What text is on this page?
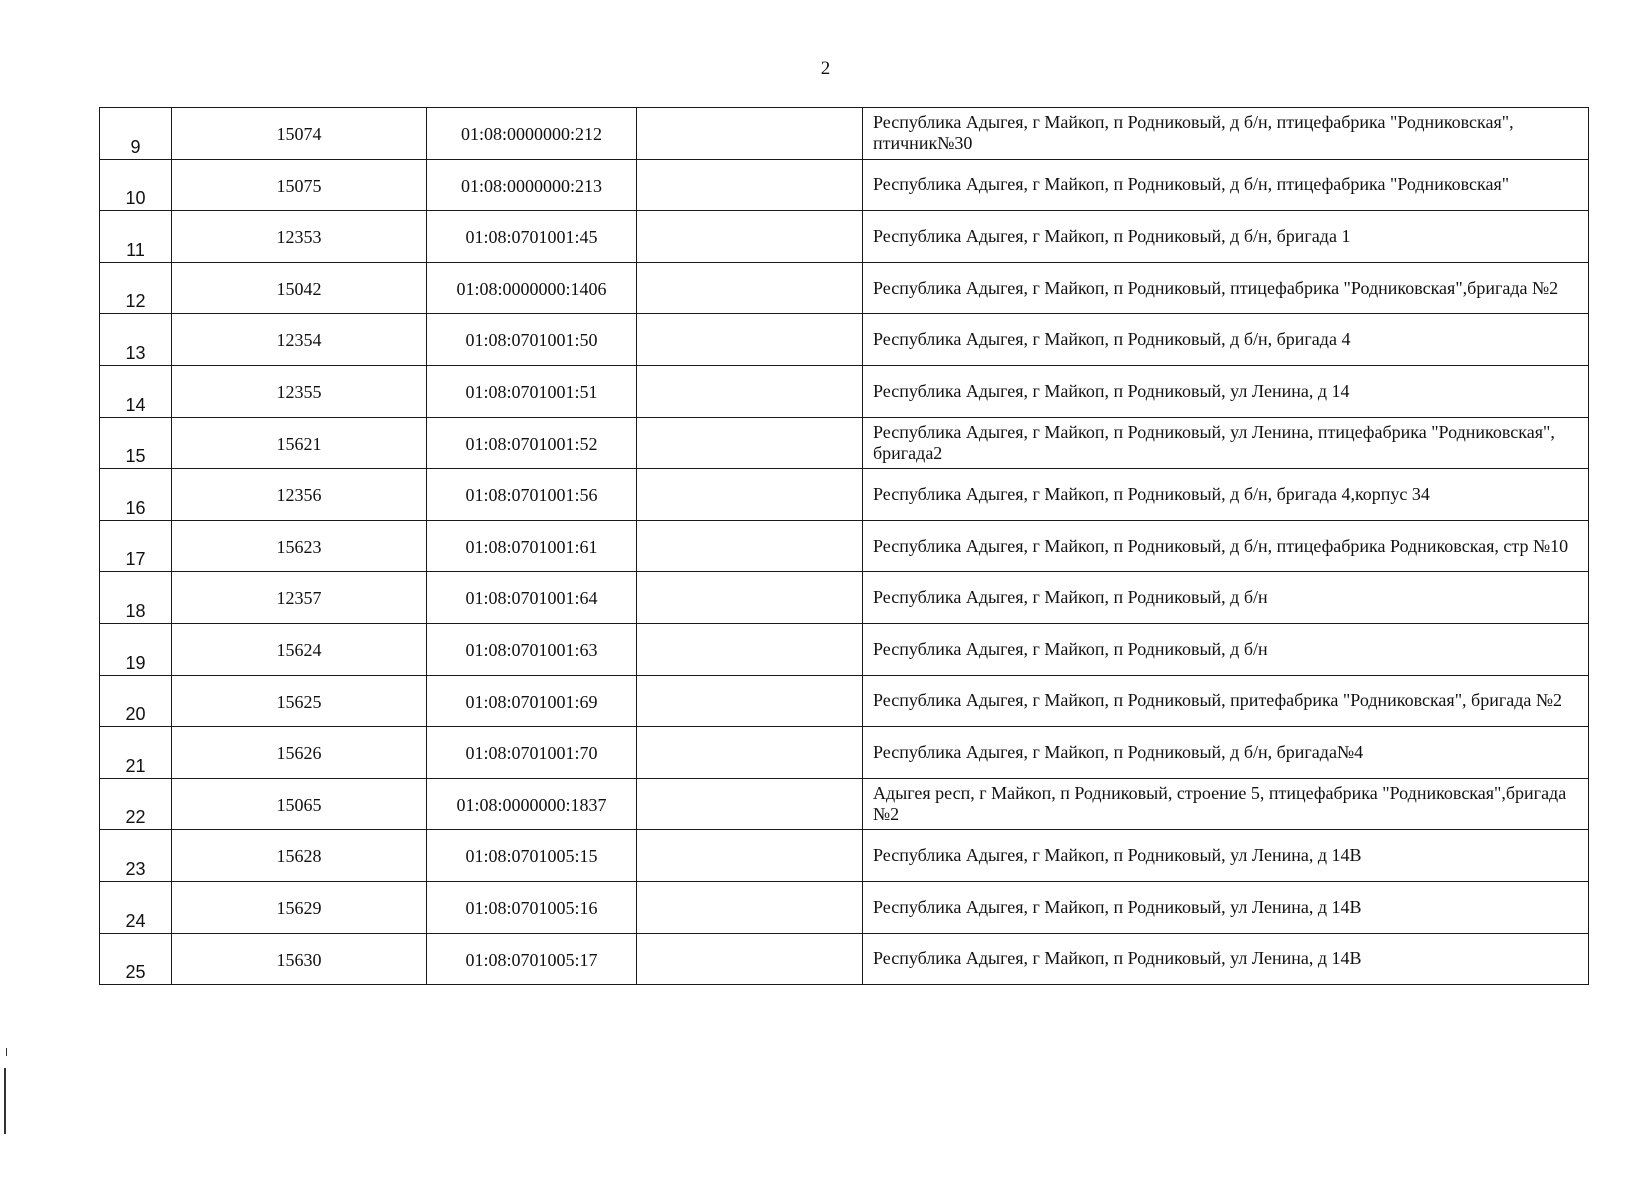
2
9	15074	01:08:0000000:212		Республика Адыгея, г Майкоп, п Родниковый, д б/н, птицефабрика "Родниковская", птичник№30
10	15075	01:08:0000000:213		Республика Адыгея, г Майкоп, п Родниковый, д б/н, птицефабрика "Родниковская"
11	12353	01:08:0701001:45		Республика Адыгея, г Майкоп, п Родниковый, д б/н, бригада 1
12	15042	01:08:0000000:1406		Республика Адыгея, г Майкоп, п Родниковый, птицефабрика "Родниковская",бригада №2
13	12354	01:08:0701001:50		Республика Адыгея, г Майкоп, п Родниковый, д б/н, бригада 4
14	12355	01:08:0701001:51		Республика Адыгея, г Майкоп, п Родниковый, ул Ленина, д 14
15	15621	01:08:0701001:52		Республика Адыгея, г Майкоп, п Родниковый, ул Ленина, птицефабрика "Родниковская", бригада2
16	12356	01:08:0701001:56		Республика Адыгея, г Майкоп, п Родниковый, д б/н, бригада 4,корпус 34
17	15623	01:08:0701001:61		Республика Адыгея, г Майкоп, п Родниковый, д б/н, птицефабрика Родниковская, стр №10
18	12357	01:08:0701001:64		Республика Адыгея, г Майкоп, п Родниковый, д б/н
19	15624	01:08:0701001:63		Республика Адыгея, г Майкоп, п Родниковый, д б/н
20	15625	01:08:0701001:69		Республика Адыгея, г Майкоп, п Родниковый, притефабрика "Родниковская", бригада №2
21	15626	01:08:0701001:70		Республика Адыгея, г Майкоп, п Родниковый, д б/н, бригада№4
22	15065	01:08:0000000:1837		Адыгея респ, г Майкоп, п Родниковый, строение 5, птицефабрика "Родниковская",бригада №2
23	15628	01:08:0701005:15		Республика Адыгея, г Майкоп, п Родниковый, ул Ленина, д 14В
24	15629	01:08:0701005:16		Республика Адыгея, г Майкоп, п Родниковый, ул Ленина, д 14В
25	15630	01:08:0701005:17		Республика Адыгея, г Майкоп, п Родниковый, ул Ленина, д 14В
